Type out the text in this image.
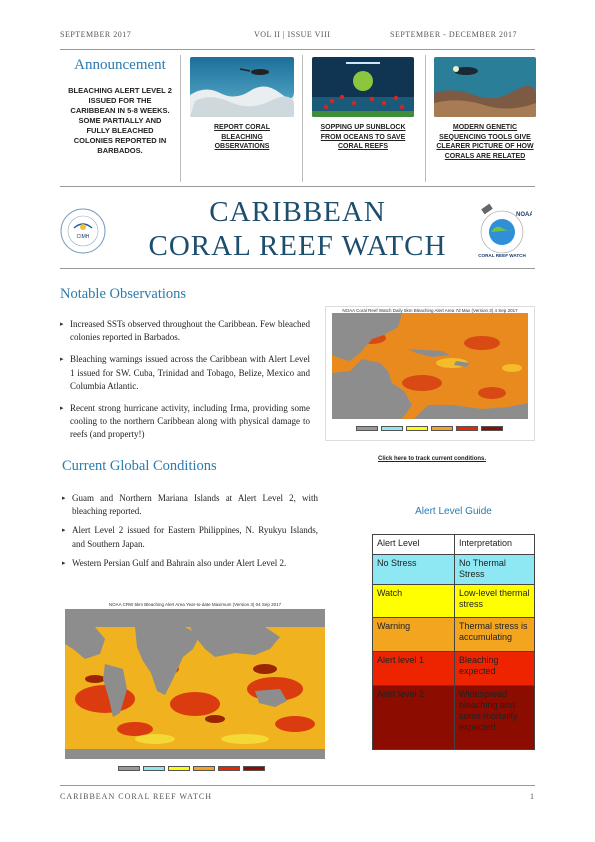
SEPTEMBER 2017	VOL II | ISSUE VIII	SEPTEMBER - DECEMBER 2017
Announcement
BLEACHING ALERT LEVEL 2 ISSUED FOR THE CARIBBEAN IN 5-8 WEEKS. SOME PARTIALLY AND FULLY BLEACHED COLONIES REPORTED IN BARBADOS.
REPORT CORAL BLEACHING OBSERVATIONS
SOPPING UP SUNBLOCK FROM OCEANS TO SAVE CORAL REEFS
MODERN GENETIC SEQUENCING TOOLS GIVE CLEARER PICTURE OF HOW CORALS ARE RELATED
CIMH
CARIBBEAN
CORAL REEF WATCH
NOAA
CORAL REEF WATCH
Notable Observations
▸ Increased SSTs observed throughout the Caribbean. Few bleached colonies reported in Barbados.
▸ Bleaching warnings issued across the Caribbean with Alert Level 1 issued for SW. Cuba, Trinidad and Tobago, Belize, Mexico and Columbia Atlantic.
▸ Recent strong hurricane activity, including Irma, providing some cooling to the northern Caribbean along with physical damage to reefs (and property!)
NOAA Coral Reef Watch Daily 5km Bleaching Alert Area 7d Max (Version 3) 4 Sep 2017
Click here to track current conditions.
Current Global Conditions
▸ Guam and Northern Mariana Islands at Alert Level 2, with bleaching reported.
▸ Alert Level 2 issued for Eastern Philippines, N. Ryukyu Islands, and Southern Japan.
▸ Western Persian Gulf and Bahrain also under Alert Level 2.
NOAA CRW 5km Bleaching Alert Area Year-to-date Maximum (Version 3) 04 Sep 2017
Alert Level Guide
Alert Level	Interpretation
No Stress	No Thermal Stress
Watch	Low-level thermal stress
Warning	Thermal stress is accumulating
Alert level 1	Bleaching expected
Alert level 2	Widespread bleaching and some mortality expected
CARIBBEAN CORAL REEF WATCH	1
